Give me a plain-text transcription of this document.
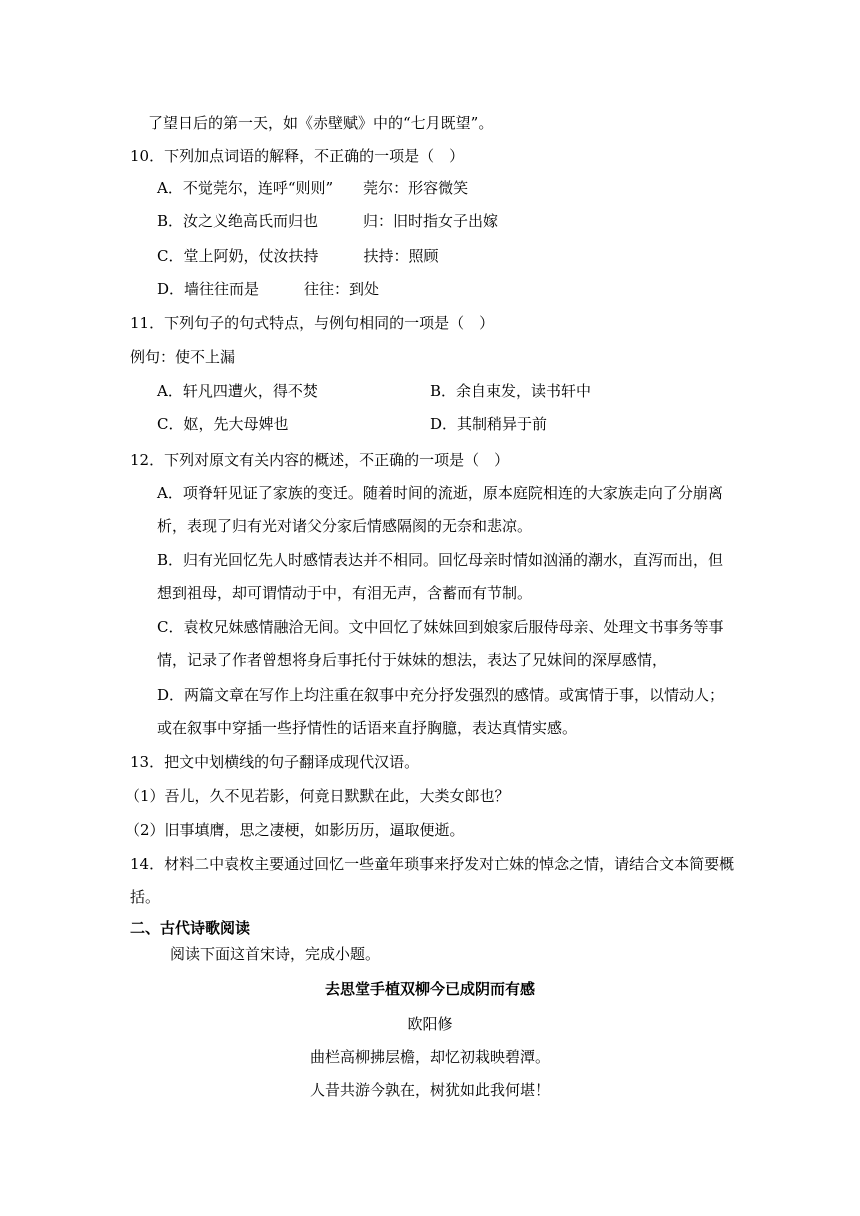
了望日后的第一天，如《赤壁赋》中的“七月既望”。
10．下列加点词语的解释，不正确的一项是（　）
A．不觉莞尔，连呼“则则”　　莞尔：形容微笑
B．汝之义绝高氏而归也　　　归：旧时指女子出嫁
C．堂上阿奶，仗汝扶持　　　扶持：照顾
D．墙往往而是　　　往往：到处
11．下列句子的句式特点，与例句相同的一项是（　）
例句：使不上漏
A．轩凡四遭火，得不焚	B．余自束发，读书轩中
C．妪，先大母婢也	D．其制稍异于前
12．下列对原文有关内容的概述，不正确的一项是（　）
A．项脊轩见证了家族的变迁。随着时间的流逝，原本庭院相连的大家族走向了分崩离
析，表现了归有光对诸父分家后情感隔阂的无奈和悲凉。
B．归有光回忆先人时感情表达并不相同。回忆母亲时情如汹涌的潮水，直泻而出，但
想到祖母，却可谓情动于中，有泪无声，含蓄而有节制。
C．袁枚兄妹感情融洽无间。文中回忆了妹妹回到娘家后服侍母亲、处理文书事务等事
情，记录了作者曾想将身后事托付于妹妹的想法，表达了兄妹间的深厚感情，
D．两篇文章在写作上均注重在叙事中充分抒发强烈的感情。或寓情于事，以情动人；
或在叙事中穿插一些抒情性的话语来直抒胸臆，表达真情实感。
13．把文中划横线的句子翻译成现代汉语。
（1）吾儿，久不见若影，何竟日默默在此，大类女郎也？
（2）旧事填膺，思之凄梗，如影历历，逼取便逝。
14．材料二中袁枚主要通过回忆一些童年琐事来抒发对亡妹的悼念之情，请结合文本简要概
括。
二、古代诗歌阅读
阅读下面这首宋诗，完成小题。
去思堂手植双柳今已成阴而有感
欧阳修
曲栏高柳拂层檐，却忆初栽映碧潭。
人昔共游今孰在，树犹如此我何堪！
